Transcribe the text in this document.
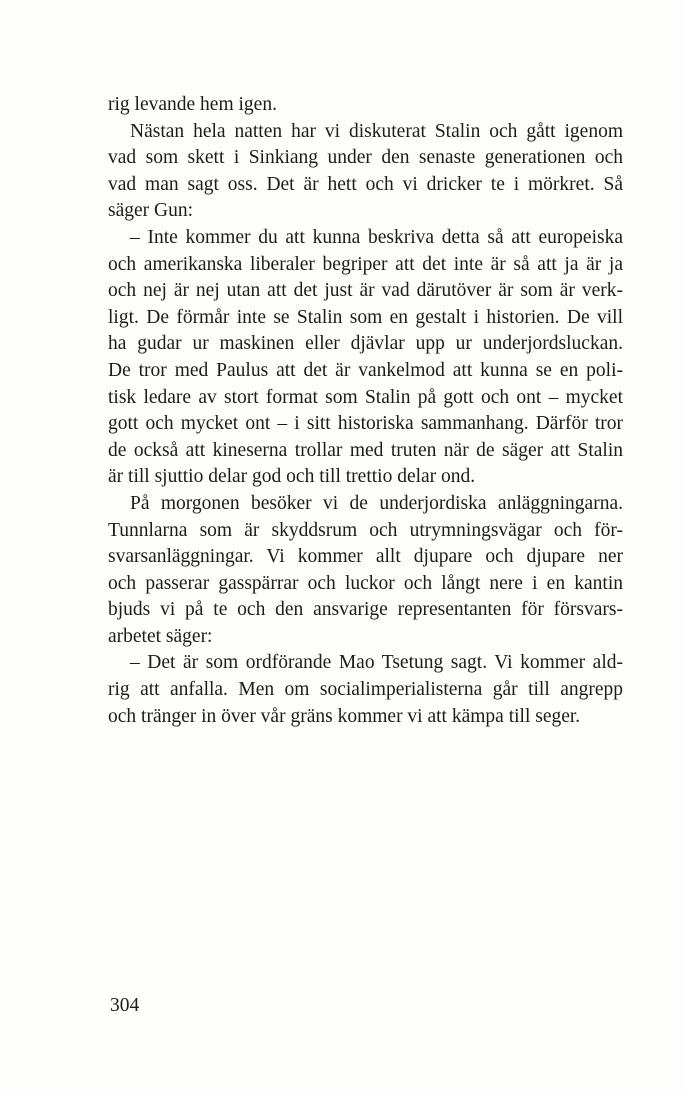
rig levande hem igen.
Nästan hela natten har vi diskuterat Stalin och gått igenom
vad som skett i Sinkiang under den senaste generationen och
vad man sagt oss. Det är hett och vi dricker te i mörkret. Så
säger Gun:
– Inte kommer du att kunna beskriva detta så att europeiska
och amerikanska liberaler begriper att det inte är så att ja är ja
och nej är nej utan att det just är vad därutöver är som är verk-
ligt. De förmår inte se Stalin som en gestalt i historien. De vill
ha gudar ur maskinen eller djävlar upp ur underjordsluckan.
De tror med Paulus att det är vankelmod att kunna se en poli-
tisk ledare av stort format som Stalin på gott och ont – mycket
gott och mycket ont – i sitt historiska sammanhang. Därför tror
de också att kineserna trollar med truten när de säger att Stalin
är till sjuttio delar god och till trettio delar ond.
På morgonen besöker vi de underjordiska anläggningarna.
Tunnlarna som är skyddsrum och utrymningsvägar och för-
svarsanläggningar. Vi kommer allt djupare och djupare ner
och passerar gasspärrar och luckor och långt nere i en kantin
bjuds vi på te och den ansvarige representanten för försvars-
arbetet säger:
– Det är som ordförande Mao Tsetung sagt. Vi kommer ald-
rig att anfalla. Men om socialimperialisterna går till angrepp
och tränger in över vår gräns kommer vi att kämpa till seger.
304
